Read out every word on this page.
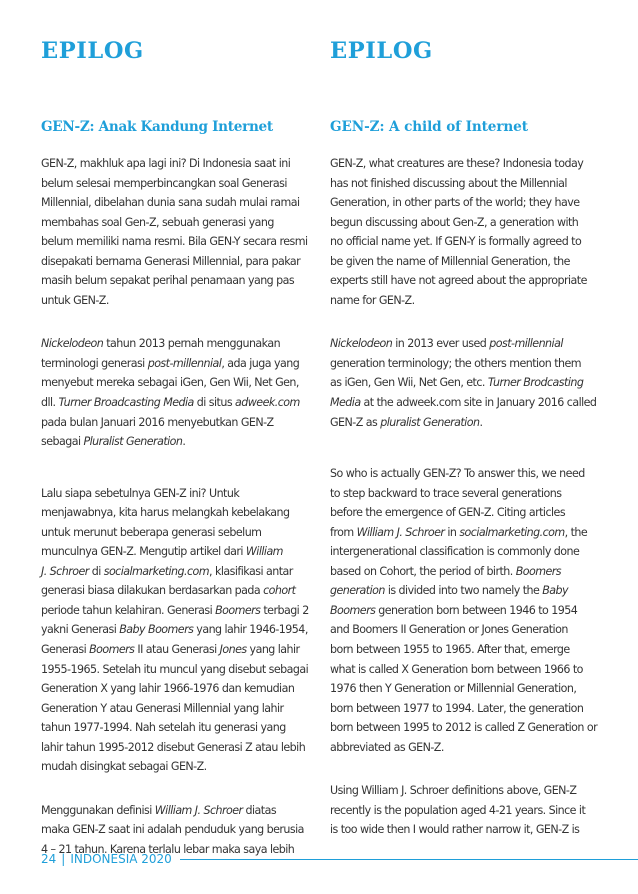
EPILOG
GEN-Z: Anak Kandung Internet

GEN-Z, makhluk apa lagi ini? Di Indonesia saat ini
belum selesai memperbincangkan soal Generasi
Millennial, dibelahan dunia sana sudah mulai ramai
membahas soal Gen-Z, sebuah generasi yang
belum memiliki nama resmi. Bila GEN-Y secara resmi
disepakati bernama Generasi Millennial, para pakar
masih belum sepakat perihal penamaan yang pas
untuk GEN-Z.

Nickelodeon tahun 2013 pernah menggunakan
terminologi generasi post-millennial, ada juga yang
menyebut mereka sebagai iGen, Gen Wii, Net Gen,
dll. Turner Broadcasting Media di situs adweek.com
pada bulan Januari 2016 menyebutkan GEN-Z
sebagai Pluralist Generation.

Lalu siapa sebetulnya GEN-Z ini? Untuk
menjawabnya, kita harus melangkah kebelakang
untuk merunut beberapa generasi sebelum
munculnya GEN-Z. Mengutip artikel dari William
J. Schroer di socialmarketing.com, klasifikasi antar
generasi biasa dilakukan berdasarkan pada cohort
periode tahun kelahiran. Generasi Boomers terbagi 2
yakni Generasi Baby Boomers yang lahir 1946-1954,
Generasi Boomers II atau Generasi Jones yang lahir
1955-1965. Setelah itu muncul yang disebut sebagai
Generation X yang lahir 1966-1976 dan kemudian
Generation Y atau Generasi Millennial yang lahir
tahun 1977-1994. Nah setelah itu generasi yang
lahir tahun 1995-2012 disebut Generasi Z atau lebih
mudah disingkat sebagai GEN-Z.

Menggunakan definisi William J. Schroer diatas
maka GEN-Z saat ini adalah penduduk yang berusia
4 – 21 tahun. Karena terlalu lebar maka saya lebih

EPILOG
GEN-Z: A child of Internet

GEN-Z, what creatures are these? Indonesia today
has not finished discussing about the Millennial
Generation, in other parts of the world; they have
begun discussing about Gen-Z, a generation with
no official name yet. If GEN-Y is formally agreed to
be given the name of Millennial Generation, the
experts still have not agreed about the appropriate
name for GEN-Z.

Nickelodeon in 2013 ever used post-millennial
generation terminology; the others mention them
as iGen, Gen Wii, Net Gen, etc. Turner Brodcasting
Media at the adweek.com site in January 2016 called
GEN-Z as pluralist Generation.

So who is actually GEN-Z? To answer this, we need
to step backward to trace several generations
before the emergence of GEN-Z. Citing articles
from William J. Schroer in socialmarketing.com, the
intergenerational classification is commonly done
based on Cohort, the period of birth. Boomers
generation is divided into two namely the Baby
Boomers generation born between 1946 to 1954
and Boomers II Generation or Jones Generation
born between 1955 to 1965. After that, emerge
what is called X Generation born between 1966 to
1976 then Y Generation or Millennial Generation,
born between 1977 to 1994. Later, the generation
born between 1995 to 2012 is called Z Generation or
abbreviated as GEN-Z.

Using William J. Schroer definitions above, GEN-Z
recently is the population aged 4-21 years. Since it
is too wide then I would rather narrow it, GEN-Z is

24 | INDONESIA 2020
